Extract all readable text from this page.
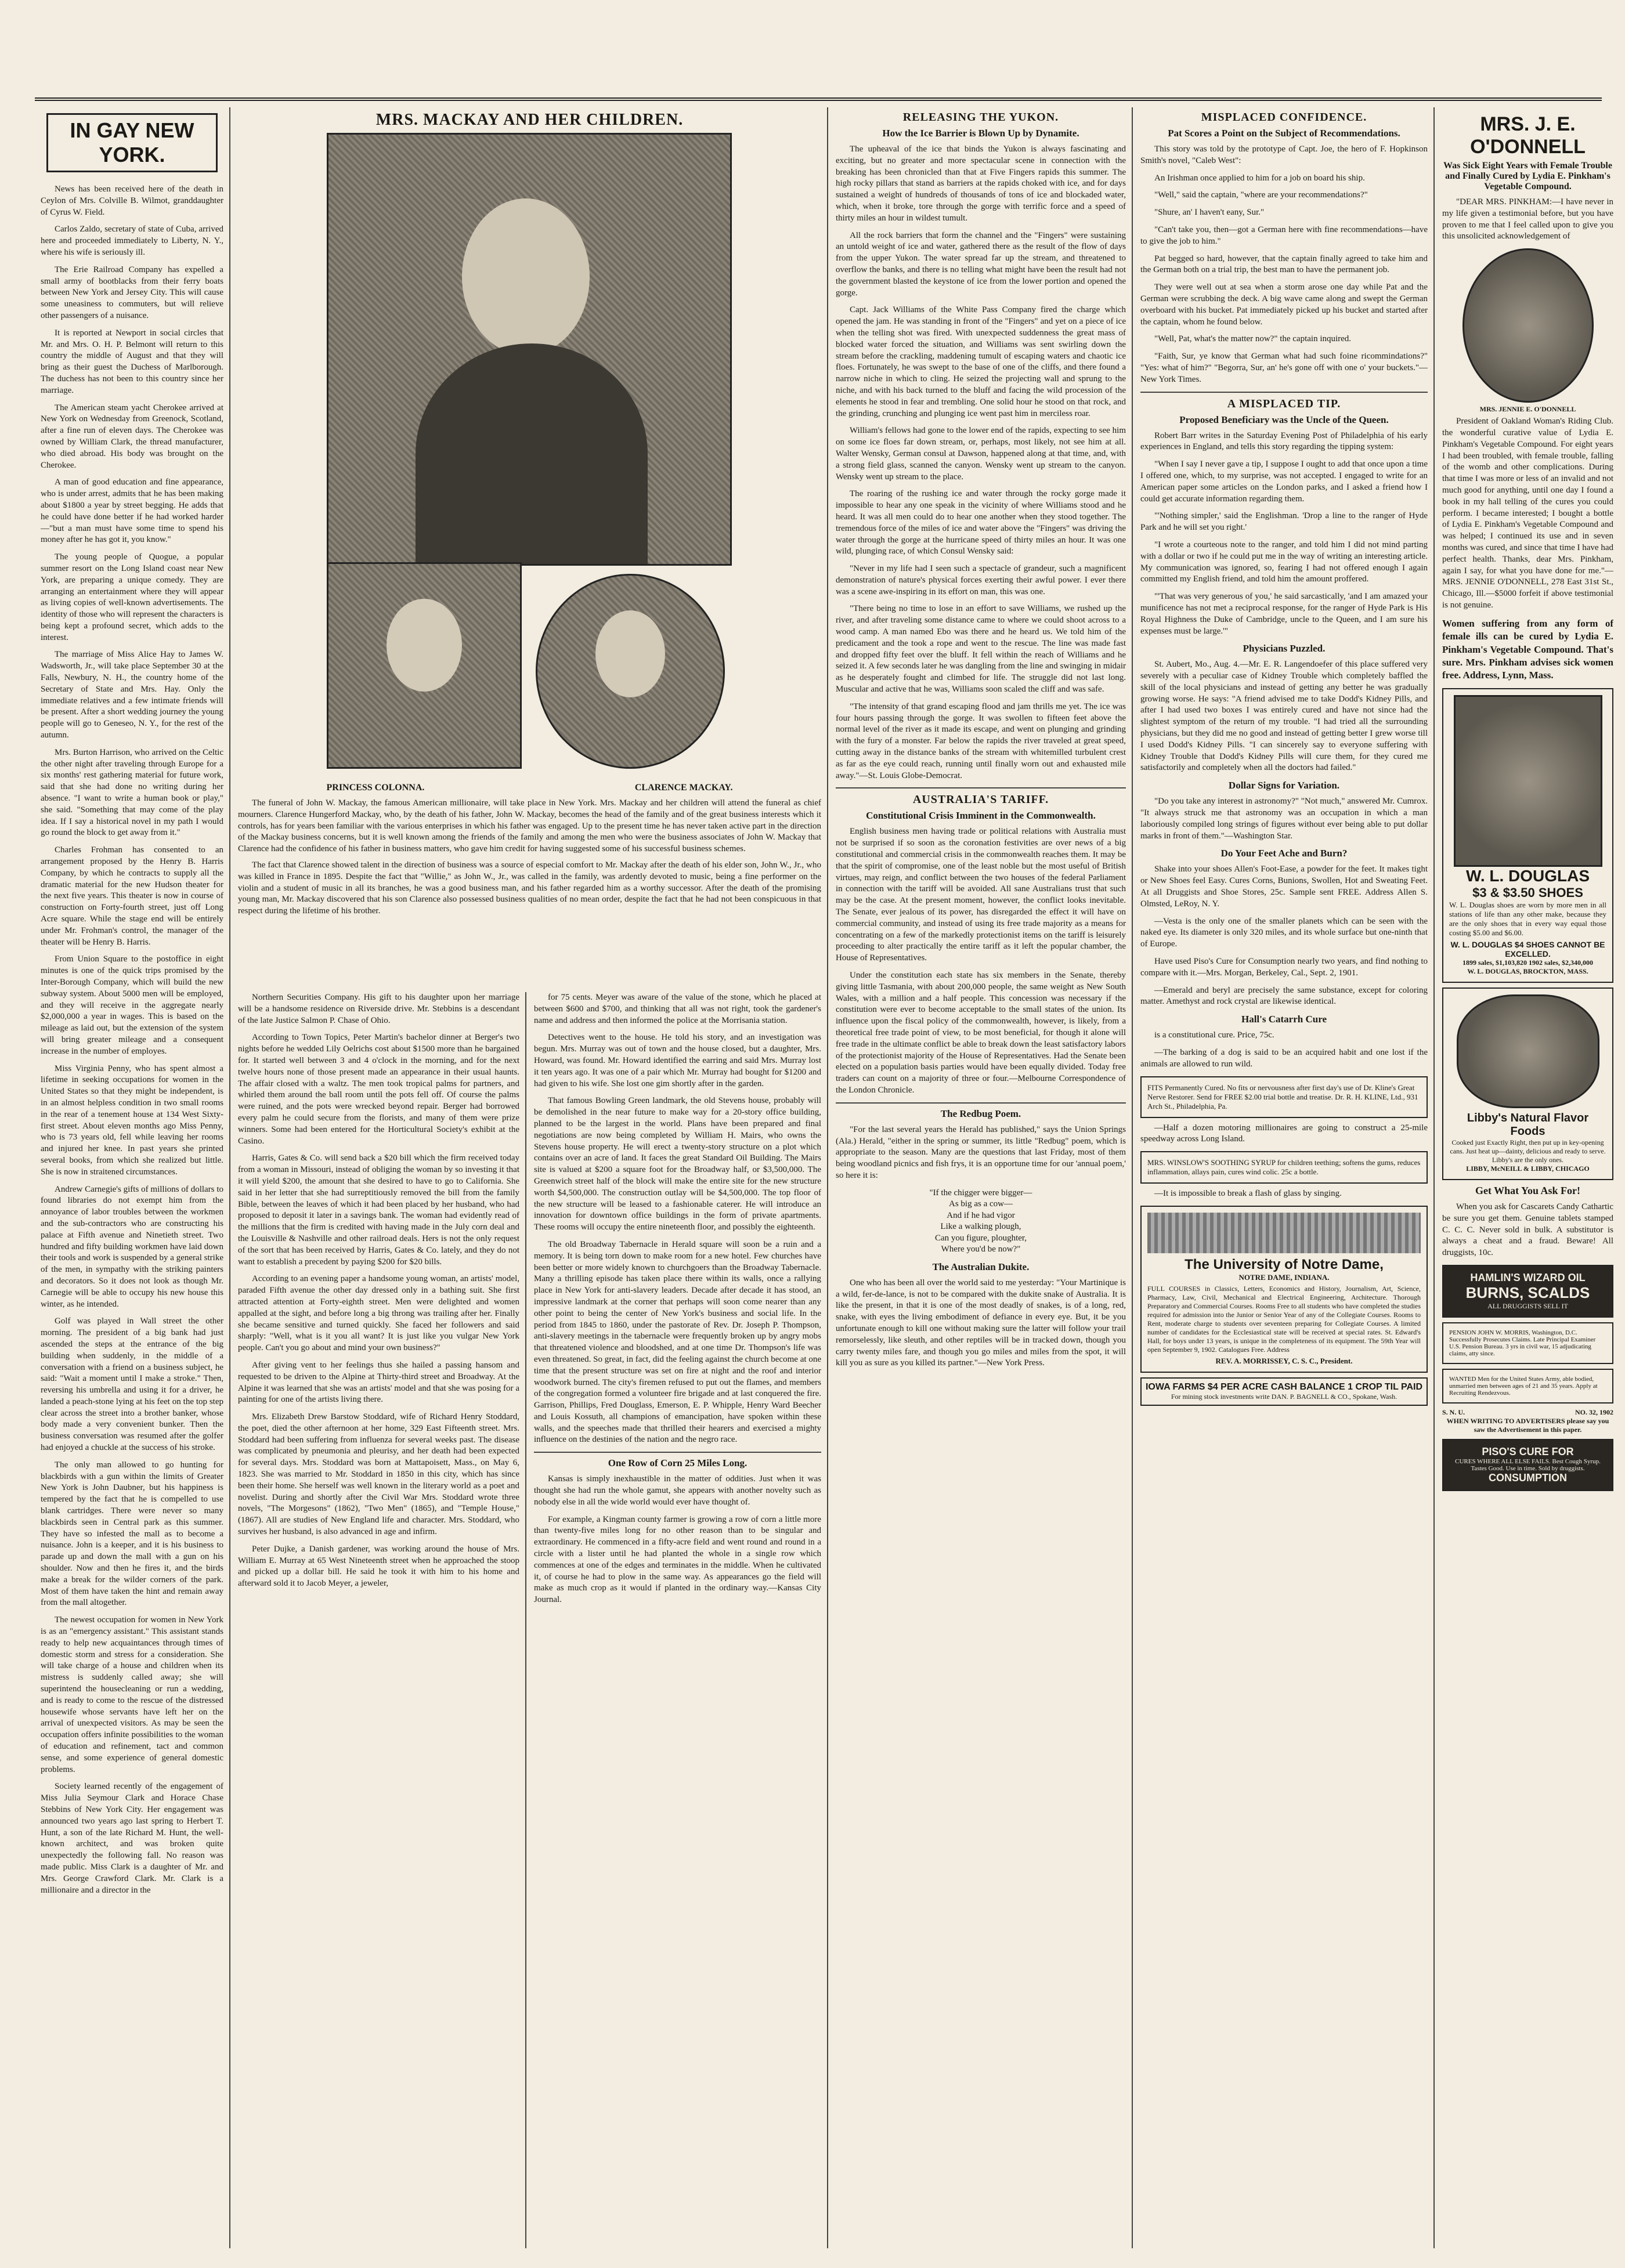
IN GAY NEW YORK.

News has been received here of the death in Ceylon of Mrs. Colville B. Wilmot, granddaughter of Cyrus W. Field.

Carlos Zaldo, secretary of state of Cuba, arrived here and proceeded immediately to Liberty, N. Y., where his wife is seriously ill.

The Erie Railroad Company has expelled a small army of bootblacks from their ferry boats between New York and Jersey City. This will cause some uneasiness to commuters, but will relieve other passengers of a nuisance.

It is reported at Newport in social circles that Mr. and Mrs. O. H. P. Belmont will return to this country the middle of August and that they will bring as their guest the Duchess of Marlborough. The duchess has not been to this country since her marriage.

The American steam yacht Cherokee arrived at New York on Wednesday from Greenock, Scotland, after a fine run of eleven days. The Cherokee was owned by William Clark, the thread manufacturer, who died abroad. His body was brought on the Cherokee.

A man of good education and fine appearance, who is under arrest, admits that he has been making about $1800 a year by street begging. He adds that he could have done better if he had worked harder—"but a man must have some time to spend his money after he has got it, you know."

The young people of Quogue, a popular summer resort on the Long Island coast near New York, are preparing a unique comedy. They are arranging an entertainment where they will appear as living copies of well-known advertisements. The identity of those who will represent the characters is being kept a profound secret, which adds to the interest.

The marriage of Miss Alice Hay to James W. Wadsworth, Jr., will take place September 30 at the Falls, Newbury, N. H., the country home of the Secretary of State and Mrs. Hay. Only the immediate relatives and a few intimate friends will be present. After a short wedding journey the young people will go to Geneseo, N. Y., for the rest of the autumn.

Mrs. Burton Harrison, who arrived on the Celtic the other night after traveling through Europe for a six months' rest gathering material for future work, said that she had done no writing during her absence. "I want to write a human book or play," she said. "Something that may come of the play idea. If I say a historical novel in my path I would go round the block to get away from it."

Charles Frohman has consented to an arrangement proposed by the Henry B. Harris Company, by which he contracts to supply all the dramatic material for the new Hudson theater for the next five years. This theater is now in course of construction on Forty-fourth street, just off Long Acre square. While the stage end will be entirely under Mr. Frohman's control, the manager of the theater will be Henry B. Harris.

From Union Square to the postoffice in eight minutes is one of the quick trips promised by the Inter-Borough Company, which will build the new subway system. About 5000 men will be employed, and they will receive in the aggregate nearly $2,000,000 a year in wages. This is based on the mileage as laid out, but the extension of the system will bring greater mileage and a consequent increase in the number of employes.

Miss Virginia Penny, who has spent almost a lifetime in seeking occupations for women in the United States so that they might be independent, is in an almost helpless condition in two small rooms in the rear of a tenement house at 134 West Sixty-first street. About eleven months ago Miss Penny, who is 73 years old, fell while leaving her rooms and injured her knee. In past years she printed several books, from which she realized but little. She is now in straitened circumstances.

Andrew Carnegie's gifts of millions of dollars to found libraries do not exempt him from the annoyance of labor troubles between the workmen and the sub-contractors who are constructing his palace at Fifth avenue and Ninetieth street. Two hundred and fifty building workmen have laid down their tools and work is suspended by a general strike of the men, in sympathy with the striking painters and decorators. So it does not look as though Mr. Carnegie will be able to occupy his new house this winter, as he intended.

Golf was played in Wall street the other morning. The president of a big bank had just ascended the steps at the entrance of the big building when suddenly, in the middle of a conversation with a friend on a business subject, he said: "Wait a moment until I make a stroke." Then, reversing his umbrella and using it for a driver, he landed a peach-stone lying at his feet on the top step clear across the street into a brother banker, whose body made a very convenient bunker. Then the business conversation was resumed after the golfer had enjoyed a chuckle at the success of his stroke.

The only man allowed to go hunting for blackbirds with a gun within the limits of Greater New York is John Daubner, but his happiness is tempered by the fact that he is compelled to use blank cartridges. There were never so many blackbirds seen in Central park as this summer. They have so infested the mall as to become a nuisance. John is a keeper, and it is his business to parade up and down the mall with a gun on his shoulder. Now and then he fires it, and the birds make a break for the wilder corners of the park. Most of them have taken the hint and remain away from the mall altogether.

The newest occupation for women in New York is as an "emergency assistant." This assistant stands ready to help new acquaintances through times of domestic storm and stress for a consideration. She will take charge of a house and children when its mistress is suddenly called away; she will superintend the housecleaning or run a wedding, and is ready to come to the rescue of the distressed housewife whose servants have left her on the arrival of unexpected visitors. As may be seen the occupation offers infinite possibilities to the woman of education and refinement, tact and common sense, and some experience of general domestic problems.

Society learned recently of the engagement of Miss Julia Seymour Clark and Horace Chase Stebbins of New York City. Her engagement was announced two years ago last spring to Herbert T. Hunt, a son of the late Richard M. Hunt, the well-known architect, and was broken quite unexpectedly the following fall. No reason was made public. Miss Clark is a daughter of Mr. and Mrs. George Crawford Clark. Mr. Clark is a millionaire and a director in the

MRS. MACKAY AND HER CHILDREN.
PRINCESS COLONNA.	CLARENCE MACKAY.

The funeral of John W. Mackay, the famous American millionaire, will take place in New York. Mrs. Mackay and her children will attend the funeral as chief mourners. Clarence Hungerford Mackay, who, by the death of his father, John W. Mackay, becomes the head of the family and of the great business interests which it controls, has for years been familiar with the various enterprises in which his father was engaged. Up to the present time he has never taken active part in the direction of the Mackay business concerns, but it is well known among the friends of the family and among the men who were the business associates of John W. Mackay that Clarence had the confidence of his father in business matters, who gave him credit for having suggested some of his successful business schemes.

The fact that Clarence showed talent in the direction of business was a source of especial comfort to Mr. Mackay after the death of his elder son, John W., Jr., who was killed in France in 1895. Despite the fact that "Willie," as John W., Jr., was called in the family, was ardently devoted to music, being a fine performer on the violin and a student of music in all its branches, he was a good business man, and his father regarded him as a worthy successor. After the death of the promising young man, Mr. Mackay discovered that his son Clarence also possessed business qualities of no mean order, despite the fact that he had not been conspicuous in that respect during the lifetime of his brother.

Northern Securities Company. His gift to his daughter upon her marriage will be a handsome residence on Riverside drive. Mr. Stebbins is a descendant of the late Justice Salmon P. Chase of Ohio.

According to Town Topics, Peter Martin's bachelor dinner at Berger's two nights before he wedded Lily Oelrichs cost about $1500 more than he bargained for. It started well between 3 and 4 o'clock in the morning, and for the next twelve hours none of those present made an appearance in their usual haunts. The affair closed with a waltz. The men took tropical palms for partners, and whirled them around the ball room until the pots fell off. Of course the palms were ruined, and the pots were wrecked beyond repair. Berger had borrowed every palm he could secure from the florists, and many of them were prize winners. Some had been entered for the Horticultural Society's exhibit at the Casino.

Harris, Gates & Co. will send back a $20 bill which the firm received today from a woman in Missouri, instead of obliging the woman by so investing it that it will yield $200, the amount that she desired to have to go to California. She said in her letter that she had surreptitiously removed the bill from the family Bible, between the leaves of which it had been placed by her husband, who had proposed to deposit it later in a savings bank. The woman had evidently read of the millions that the firm is credited with having made in the July corn deal and the Louisville & Nashville and other railroad deals. Hers is not the only request of the sort that has been received by Harris, Gates & Co. lately, and they do not want to establish a precedent by paying $200 for $20 bills.

According to an evening paper a handsome young woman, an artists' model, paraded Fifth avenue the other day dressed only in a bathing suit. She first attracted attention at Forty-eighth street. Men were delighted and women appalled at the sight, and before long a big throng was trailing after her. Finally she became sensitive and turned quickly. She faced her followers and said sharply: "Well, what is it you all want? It is just like you vulgar New York people. Can't you go about and mind your own business?"

After giving vent to her feelings thus she hailed a passing hansom and requested to be driven to the Alpine at Thirty-third street and Broadway. At the Alpine it was learned that she was an artists' model and that she was posing for a painting for one of the artists living there.

Mrs. Elizabeth Drew Barstow Stoddard, wife of Richard Henry Stoddard, the poet, died the other afternoon at her home, 329 East Fifteenth street. Mrs. Stoddard had been suffering from influenza for several weeks past. The disease was complicated by pneumonia and pleurisy, and her death had been expected for several days. Mrs. Stoddard was born at Mattapoisett, Mass., on May 6, 1823. She was married to Mr. Stoddard in 1850 in this city, which has since been their home. She herself was well known in the literary world as a poet and novelist. During and shortly after the Civil War Mrs. Stoddard wrote three novels, "The Morgesons" (1862), "Two Men" (1865), and "Temple House," (1867). All are studies of New England life and character. Mrs. Stoddard, who survives her husband, is also advanced in age and infirm.

Peter Dujke, a Danish gardener, was working around the house of Mrs. William E. Murray at 65 West Nineteenth street when he approached the stoop and picked up a dollar bill. He said he took it with him to his home and afterward sold it to Jacob Meyer, a jeweler,

for 75 cents. Meyer was aware of the value of the stone, which he placed at between $600 and $700, and thinking that all was not right, took the gardener's name and address and then informed the police at the Morrisania station.

Detectives went to the house. He told his story, and an investigation was begun. Mrs. Murray was out of town and the house closed, but a daughter, Mrs. Howard, was found. Mr. Howard identified the earring and said Mrs. Murray lost it ten years ago. It was one of a pair which Mr. Murray had bought for $1200 and had given to his wife. She lost one gim shortly after in the garden.

That famous Bowling Green landmark, the old Stevens house, probably will be demolished in the near future to make way for a 20-story office building, planned to be the largest in the world. Plans have been prepared and final negotiations are now being completed by William H. Mairs, who owns the Stevens house property. He will erect a twenty-story structure on a plot which contains over an acre of land. It faces the great Standard Oil Building. The Mairs site is valued at $200 a square foot for the Broadway half, or $3,500,000. The Greenwich street half of the block will make the entire site for the new structure worth $4,500,000. The construction outlay will be $4,500,000. The top floor of the new structure will be leased to a fashionable caterer. He will introduce an innovation for downtown office buildings in the form of private apartments. These rooms will occupy the entire nineteenth floor, and possibly the eighteenth.

The old Broadway Tabernacle in Herald square will soon be a ruin and a memory. It is being torn down to make room for a new hotel. Few churches have been better or more widely known to churchgoers than the Broadway Tabernacle. Many a thrilling episode has taken place there within its walls, once a rallying place in New York for anti-slavery leaders. Decade after decade it has stood, an impressive landmark at the corner that perhaps will soon come nearer than any other point to being the center of New York's business and social life. In the period from 1845 to 1860, under the pastorate of Rev. Dr. Joseph P. Thompson, anti-slavery meetings in the tabernacle were frequently broken up by angry mobs that threatened violence and bloodshed, and at one time Dr. Thompson's life was even threatened. So great, in fact, did the feeling against the church become at one time that the present structure was set on fire at night and the roof and interior woodwork burned. The city's firemen refused to put out the flames, and members of the congregation formed a volunteer fire brigade and at last conquered the fire. Garrison, Phillips, Fred Douglass, Emerson, E. P. Whipple, Henry Ward Beecher and Louis Kossuth, all champions of emancipation, have spoken within these walls, and the speeches made that thrilled their hearers and exercised a mighty influence on the destinies of the nation and the negro race.

One Row of Corn 25 Miles Long.

Kansas is simply inexhaustible in the matter of oddities. Just when it was thought she had run the whole gamut, she appears with another novelty such as nobody else in all the wide world would ever have thought of.

For example, a Kingman county farmer is growing a row of corn a little more than twenty-five miles long for no other reason than to be singular and extraordinary. He commenced in a fifty-acre field and went round and round in a circle with a lister until he had planted the whole in a single row which commences at one of the edges and terminates in the middle. When he cultivated it, of course he had to plow in the same way. As appearances go the field will make as much crop as it would if planted in the ordinary way.—Kansas City Journal.

RELEASING THE YUKON.
How the Ice Barrier is Blown Up by Dynamite.

The upheaval of the ice that binds the Yukon is always fascinating and exciting, but no greater and more spectacular scene in connection with the breaking has been chronicled than that at Five Fingers rapids this summer. The high rocky pillars that stand as barriers at the rapids choked with ice, and for days sustained a weight of hundreds of thousands of tons of ice and blockaded water, which, when it broke, tore through the gorge with terrific force and a speed of thirty miles an hour in wildest tumult.

All the rock barriers that form the channel and the "Fingers" were sustaining an untold weight of ice and water, gathered there as the result of the flow of days from the upper Yukon. The water spread far up the stream, and threatened to overflow the banks, and there is no telling what might have been the result had not the government blasted the keystone of ice from the lower portion and opened the gorge.

Capt. Jack Williams of the White Pass Company fired the charge which opened the jam. He was standing in front of the "Fingers" and yet on a piece of ice when the telling shot was fired. With unexpected suddenness the great mass of blocked water forced the situation, and Williams was sent swirling down the stream before the crackling, maddening tumult of escaping waters and chaotic ice floes. Fortunately, he was swept to the base of one of the cliffs, and there found a narrow niche in which to cling. He seized the projecting wall and sprung to the niche, and with his back turned to the bluff and facing the wild procession of the elements he stood in fear and trembling. One solid hour he stood on that rock, and the grinding, crunching and plunging ice went past him in merciless roar.

William's fellows had gone to the lower end of the rapids, expecting to see him on some ice floes far down stream, or, perhaps, most likely, not see him at all. Walter Wensky, German consul at Dawson, happened along at that time, and, with a strong field glass, scanned the canyon. Wensky went up stream to the canyon. Wensky went up stream to the place.

The roaring of the rushing ice and water through the rocky gorge made it impossible to hear any one speak in the vicinity of where Williams stood and he heard. It was all men could do to hear one another when they stood together. The tremendous force of the miles of ice and water above the "Fingers" was driving the water through the gorge at the hurricane speed of thirty miles an hour. It was one wild, plunging race, of which Consul Wensky said:

"Never in my life had I seen such a spectacle of grandeur, such a magnificent demonstration of nature's physical forces exerting their awful power. I ever there was a scene awe-inspiring in its effort on man, this was one.

"There being no time to lose in an effort to save Williams, we rushed up the river, and after traveling some distance came to where we could shoot across to a wood camp. A man named Ebo was there and he heard us. We told him of the predicament and the took a rope and went to the rescue. The line was made fast and dropped fifty feet over the bluff. It fell within the reach of Williams and he seized it. A few seconds later he was dangling from the line and swinging in midair as he desperately fought and climbed for life. The struggle did not last long. Muscular and active that he was, Williams soon scaled the cliff and was safe.

"The intensity of that grand escaping flood and jam thrills me yet. The ice was four hours passing through the gorge. It was swollen to fifteen feet above the normal level of the river as it made its escape, and went on plunging and grinding with the fury of a monster. Far below the rapids the river traveled at great speed, cutting away in the distance banks of the stream with whitemilled turbulent crest as far as the eye could reach, running until finally worn out and exhausted mile away."—St. Louis Globe-Democrat.

AUSTRALIA'S TARIFF.
Constitutional Crisis Imminent in the Commonwealth.

English business men having trade or political relations with Australia must not be surprised if so soon as the coronation festivities are over news of a big constitutional and commercial crisis in the commonwealth reaches them. It may be that the spirit of compromise, one of the least noble but the most useful of British virtues, may reign, and conflict between the two houses of the federal Parliament in connection with the tariff will be avoided. All sane Australians trust that such may be the case. At the present moment, however, the conflict looks inevitable. The Senate, ever jealous of its power, has disregarded the effect it will have on commercial community, and instead of using its free trade majority as a means for concentrating on a few of the markedly protectionist items on the tariff is leisurely proceeding to alter practically the entire tariff as it left the popular chamber, the House of Representatives.

Under the constitution each state has six members in the Senate, thereby giving little Tasmania, with about 200,000 people, the same weight as New South Wales, with a million and a half people. This concession was necessary if the constitution were ever to become acceptable to the small states of the union. Its influence upon the fiscal policy of the commonwealth, however, is likely, from a theoretical free trade point of view, to be most beneficial, for though it alone will free trade in the ultimate conflict be able to break down the least satisfactory labors of the protectionist majority of the House of Representatives. Had the Senate been elected on a population basis parties would have been equally divided. Today free traders can count on a majority of three or four.—Melbourne Correspondence of the London Chronicle.

The Redbug Poem.

"For the last several years the Herald has published," says the Union Springs (Ala.) Herald, "either in the spring or summer, its little "Redbug" poem, which is appropriate to the season. Many are the questions that last Friday, most of them being woodland picnics and fish frys, it is an opportune time for our 'annual poem,' so here it is:

"If the chigger were bigger—
As big as a cow—
And if he had vigor
Like a walking plough,
Can you figure, ploughter,
Where you'd be now?"
The Australian Dukite.

One who has been all over the world said to me yesterday: "Your Martinique is a wild, fer-de-lance, is not to be compared with the dukite snake of Australia. It is like the present, in that it is one of the most deadly of snakes, is of a long, red, snake, with eyes the living embodiment of defiance in every eye. But, it be you unfortunate enough to kill one without making sure the latter will follow your trail remorselessly, like sleuth, and other reptiles will be in tracked down, though you carry twenty miles fare, and though you go miles and miles from the spot, it will kill you as sure as you killed its partner."—New York Press.

MISPLACED CONFIDENCE.
Pat Scores a Point on the Subject of Recommendations.

This story was told by the prototype of Capt. Joe, the hero of F. Hopkinson Smith's novel, "Caleb West":

An Irishman once applied to him for a job on board his ship.

"Well," said the captain, "where are your recommendations?"

"Shure, an' I haven't eany, Sur."

"Can't take you, then—got a German here with fine recommendations—have to give the job to him."

Pat begged so hard, however, that the captain finally agreed to take him and the German both on a trial trip, the best man to have the permanent job.

They were well out at sea when a storm arose one day while Pat and the German were scrubbing the deck. A big wave came along and swept the German overboard with his bucket. Pat immediately picked up his bucket and started after the captain, whom he found below.

"Well, Pat, what's the matter now?" the captain inquired.

"Faith, Sur, ye know that German what had such foine ricommindations?" "Yes: what of him?" "Begorra, Sur, an' he's gone off with one o' your buckets."—New York Times.

A MISPLACED TIP.
Proposed Beneficiary was the Uncle of the Queen.

Robert Barr writes in the Saturday Evening Post of Philadelphia of his early experiences in England, and tells this story regarding the tipping system:

"When I say I never gave a tip, I suppose I ought to add that once upon a time I offered one, which, to my surprise, was not accepted. I engaged to write for an American paper some articles on the London parks, and I asked a friend how I could get accurate information regarding them.

"'Nothing simpler,' said the Englishman. 'Drop a line to the ranger of Hyde Park and he will set you right.'

"I wrote a courteous note to the ranger, and told him I did not mind parting with a dollar or two if he could put me in the way of writing an interesting article. My communication was ignored, so, fearing I had not offered enough I again committed my English friend, and told him the amount proffered.

"'That was very generous of you,' he said sarcastically, 'and I am amazed your munificence has not met a reciprocal response, for the ranger of Hyde Park is His Royal Highness the Duke of Cambridge, uncle to the Queen, and I am sure his expenses must be large.'"

Physicians Puzzled.

St. Aubert, Mo., Aug. 4.—Mr. E. R. Langendoefer of this place suffered very severely with a peculiar case of Kidney Trouble which completely baffled the skill of the local physicians and instead of getting any better he was gradually growing worse. He says: "A friend advised me to take Dodd's Kidney Pills, and after I had used two boxes I was entirely cured and have not since had the slightest symptom of the return of my trouble. "I had tried all the surrounding physicians, but they did me no good and instead of getting better I grew worse till I used Dodd's Kidney Pills. "I can sincerely say to everyone suffering with Kidney Trouble that Dodd's Kidney Pills will cure them, for they cured me satisfactorily and completely when all the doctors had failed."

Dollar Signs for Variation.

"Do you take any interest in astronomy?" "Not much," answered Mr. Cumrox. "It always struck me that astronomy was an occupation in which a man laboriously compiled long strings of figures without ever being able to put dollar marks in front of them."—Washington Star.

Do Your Feet Ache and Burn?

Shake into your shoes Allen's Foot-Ease, a powder for the feet. It makes tight or New Shoes feel Easy. Cures Corns, Bunions, Swollen, Hot and Sweating Feet. At all Druggists and Shoe Stores, 25c. Sample sent FREE. Address Allen S. Olmsted, LeRoy, N. Y.

—Vesta is the only one of the smaller planets which can be seen with the naked eye. Its diameter is only 320 miles, and its whole surface but one-ninth that of Europe.

Have used Piso's Cure for Consumption nearly two years, and find nothing to compare with it.—Mrs. Morgan, Berkeley, Cal., Sept. 2, 1901.

—Emerald and beryl are precisely the same substance, except for coloring matter. Amethyst and rock crystal are likewise identical.

Hall's Catarrh Cure

is a constitutional cure. Price, 75c.

—The barking of a dog is said to be an acquired habit and one lost if the animals are allowed to run wild.

FITS Permanently Cured. No fits or nervousness after first day's use of Dr. Kline's Great Nerve Restorer. Send for FREE $2.00 trial bottle and treatise. Dr. R. H. KLINE, Ltd., 931 Arch St., Philadelphia, Pa.

—Half a dozen motoring millionaires are going to construct a 25-mile speedway across Long Island.

MRS. WINSLOW'S SOOTHING SYRUP for children teething; softens the gums, reduces inflammation, allays pain, cures wind colic. 25c a bottle.

—It is impossible to break a flash of glass by singing.

The University of Notre Dame,
NOTRE DAME, INDIANA.
FULL COURSES in Classics, Letters, Economics and History, Journalism, Art, Science, Pharmacy, Law, Civil, Mechanical and Electrical Engineering, Architecture. Thorough Preparatory and Commercial Courses. Rooms Free to all students who have completed the studies required for admission into the Junior or Senior Year of any of the Collegiate Courses. Rooms to Rent, moderate charge to students over seventeen preparing for Collegiate Courses. A limited number of candidates for the Ecclesiastical state will be received at special rates. St. Edward's Hall, for boys under 13 years, is unique in the completeness of its equipment. The 59th Year will open September 9, 1902. Catalogues Free. Address
REV. A. MORRISSEY, C. S. C., President.
IOWA FARMS $4 PER ACRE CASH BALANCE 1 CROP TIL PAID
For mining stock investments write DAN. P. BAGNELL & CO., Spokane, Wash.
MRS. J. E. O'DONNELL
Was Sick Eight Years with Female Trouble and Finally Cured by Lydia E. Pinkham's Vegetable Compound.

"DEAR MRS. PINKHAM:—I have never in my life given a testimonial before, but you have proven to me that I feel called upon to give you this unsolicited acknowledgement of

MRS. JENNIE E. O'DONNELL

President of Oakland Woman's Riding Club. the wonderful curative value of Lydia E. Pinkham's Vegetable Compound. For eight years I had been troubled, with female trouble, falling of the womb and other complications. During that time I was more or less of an invalid and not much good for anything, until one day I found a book in my hall telling of the cures you could perform. I became interested; I bought a bottle of Lydia E. Pinkham's Vegetable Compound and was helped; I continued its use and in seven months was cured, and since that time I have had perfect health. Thanks, dear Mrs. Pinkham, again I say, for what you have done for me."—MRS. JENNIE O'DONNELL, 278 East 31st St., Chicago, Ill.—$5000 forfeit if above testimonial is not genuine.

Women suffering from any form of female ills can be cured by Lydia E. Pinkham's Vegetable Compound. That's sure. Mrs. Pinkham advises sick women free. Address, Lynn, Mass.

W. L. DOUGLAS
$3 & $3.50 SHOES
W. L. Douglas shoes are worn by more men in all stations of life than any other make, because they are the only shoes that in every way equal those costing $5.00 and $6.00.
W. L. DOUGLAS $4 SHOES CANNOT BE EXCELLED.
1899 sales, $1,103,820 1902 sales, $2,340,000
W. L. DOUGLAS, BROCKTON, MASS.
Libby's Natural Flavor Foods
Cooked just Exactly Right, then put up in key-opening cans. Just heat up—dainty, delicious and ready to serve. Libby's are the only ones.
LIBBY, McNEILL & LIBBY, CHICAGO
Get What You Ask For!

When you ask for Cascarets Candy Cathartic be sure you get them. Genuine tablets stamped C. C. C. Never sold in bulk. A substitutor is always a cheat and a fraud. Beware! All druggists, 10c.

HAMLIN'S WIZARD OIL
BURNS, SCALDS
ALL DRUGGISTS SELL IT
PENSION JOHN W. MORRIS, Washington, D.C. Successfully Prosecutes Claims. Late Principal Examiner U.S. Pension Bureau. 3 yrs in civil war, 15 adjudicating claims, atty since.
WANTED Men for the United States Army, able bodied, unmarried men between ages of 21 and 35 years. Apply at Recruiting Rendezvous.
S. N. U.	NO. 32, 1902
WHEN WRITING TO ADVERTISERS please say you saw the Advertisement in this paper.
PISO'S CURE FOR
CURES WHERE ALL ELSE FAILS. Best Cough Syrup. Tastes Good. Use in time. Sold by druggists.
CONSUMPTION
